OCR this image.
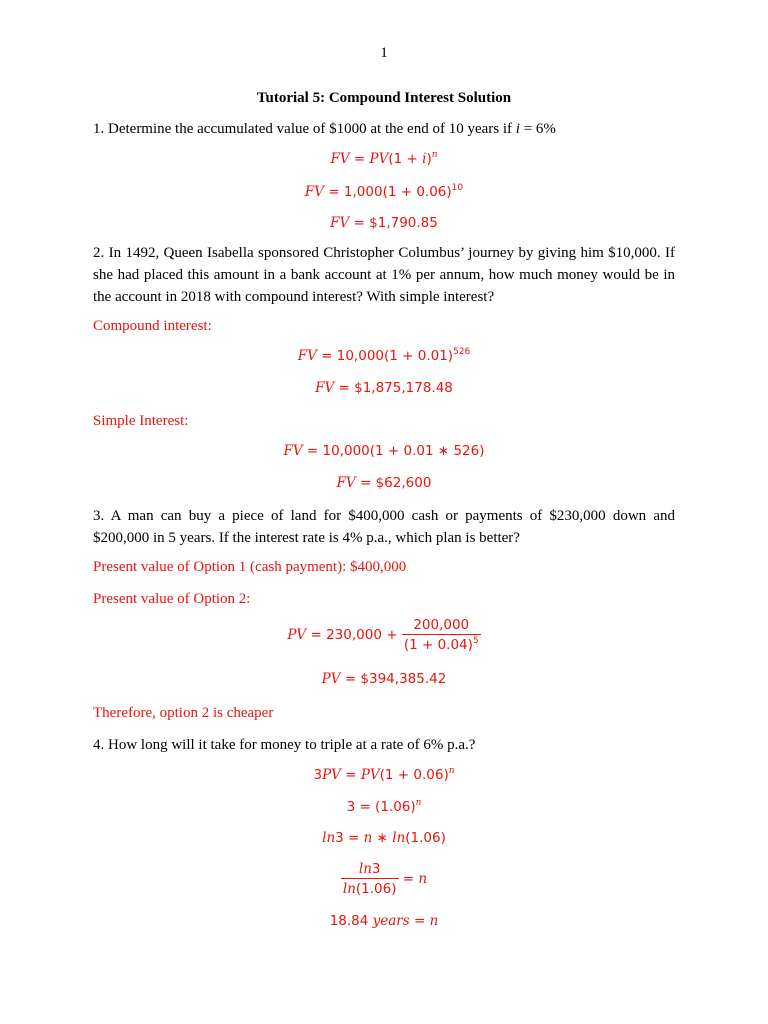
1
Tutorial 5: Compound Interest Solution
1. Determine the accumulated value of $1000 at the end of 10 years if i = 6%
FV = $PV(1 + i)^n$
FV = $1,000(1 + 0.06)^{10}$
FV = $1,790.85
2. In 1492, Queen Isabella sponsored Christopher Columbus’ journey by giving him $10,000. If she had placed this amount in a bank account at 1% per annum, how much money would be in the account in 2018 with compound interest? With simple interest?
Compound interest:
FV = $10,000(1 + 0.01)^{526}$
FV = $1,875,178.48
Simple Interest:
FV = 10,000(1 + 0.01 ∗ 526)
FV = $62,600
3. A man can buy a piece of land for $400,000 cash or payments of $230,000 down and $200,000 in 5 years. If the interest rate is 4% p.a., which plan is better?
Present value of Option 1 (cash payment): $400,000
Present value of Option 2:
PV = $230,000 + \frac{200,000}{(1 + 0.04)^5}$
PV = $394,385.42
Therefore, option 2 is cheaper
4. How long will it take for money to triple at a rate of 6% p.a.?
$3PV = PV(1 + 0.06)^n$
$3 = (1.06)^n$
ln3 = n ∗ ln(1.06)
$\frac{\ln 3}{\ln(1.06)} = n$
18.84 years = n
